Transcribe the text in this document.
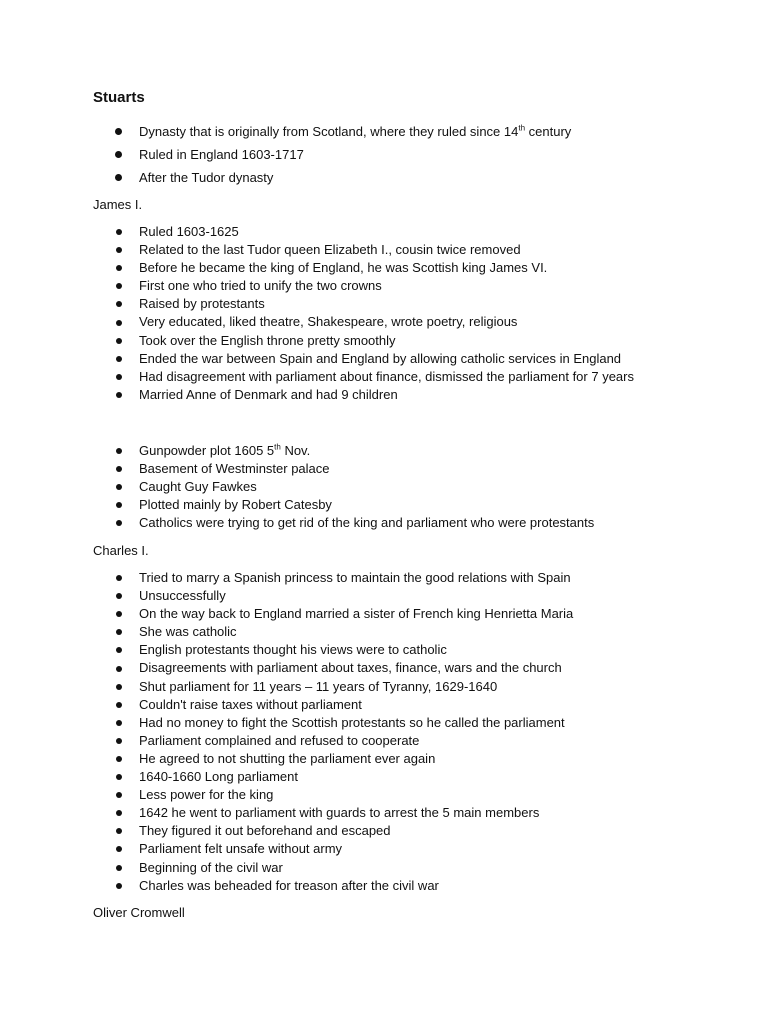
Stuarts
Dynasty that is originally from Scotland, where they ruled since 14th century
Ruled in England 1603-1717
After the Tudor dynasty

James I.

Ruled 1603-1625
Related to the last Tudor queen Elizabeth I., cousin twice removed
Before he became the king of England, he was Scottish king James VI.
First one who tried to unify the two crowns
Raised by protestants
Very educated, liked theatre, Shakespeare, wrote poetry, religious
Took over the English throne pretty smoothly
Ended the war between Spain and England by allowing catholic services in England
Had disagreement with parliament about finance, dismissed the parliament for 7 years
Married Anne of Denmark and had 9 children
Gunpowder plot 1605 5th Nov.
Basement of Westminster palace
Caught Guy Fawkes
Plotted mainly by Robert Catesby
Catholics were trying to get rid of the king and parliament who were protestants

Charles I.

Tried to marry a Spanish princess to maintain the good relations with Spain
Unsuccessfully
On the way back to England married a sister of French king Henrietta Maria
She was catholic
English protestants thought his views were to catholic
Disagreements with parliament about taxes, finance, wars and the church
Shut parliament for 11 years – 11 years of Tyranny, 1629-1640
Couldn't raise taxes without parliament
Had no money to fight the Scottish protestants so he called the parliament
Parliament complained and refused to cooperate
He agreed to not shutting the parliament ever again
1640-1660 Long parliament
Less power for the king
1642 he went to parliament with guards to arrest the 5 main members
They figured it out beforehand and escaped
Parliament felt unsafe without army
Beginning of the civil war
Charles was beheaded for treason after the civil war

Oliver Cromwell
